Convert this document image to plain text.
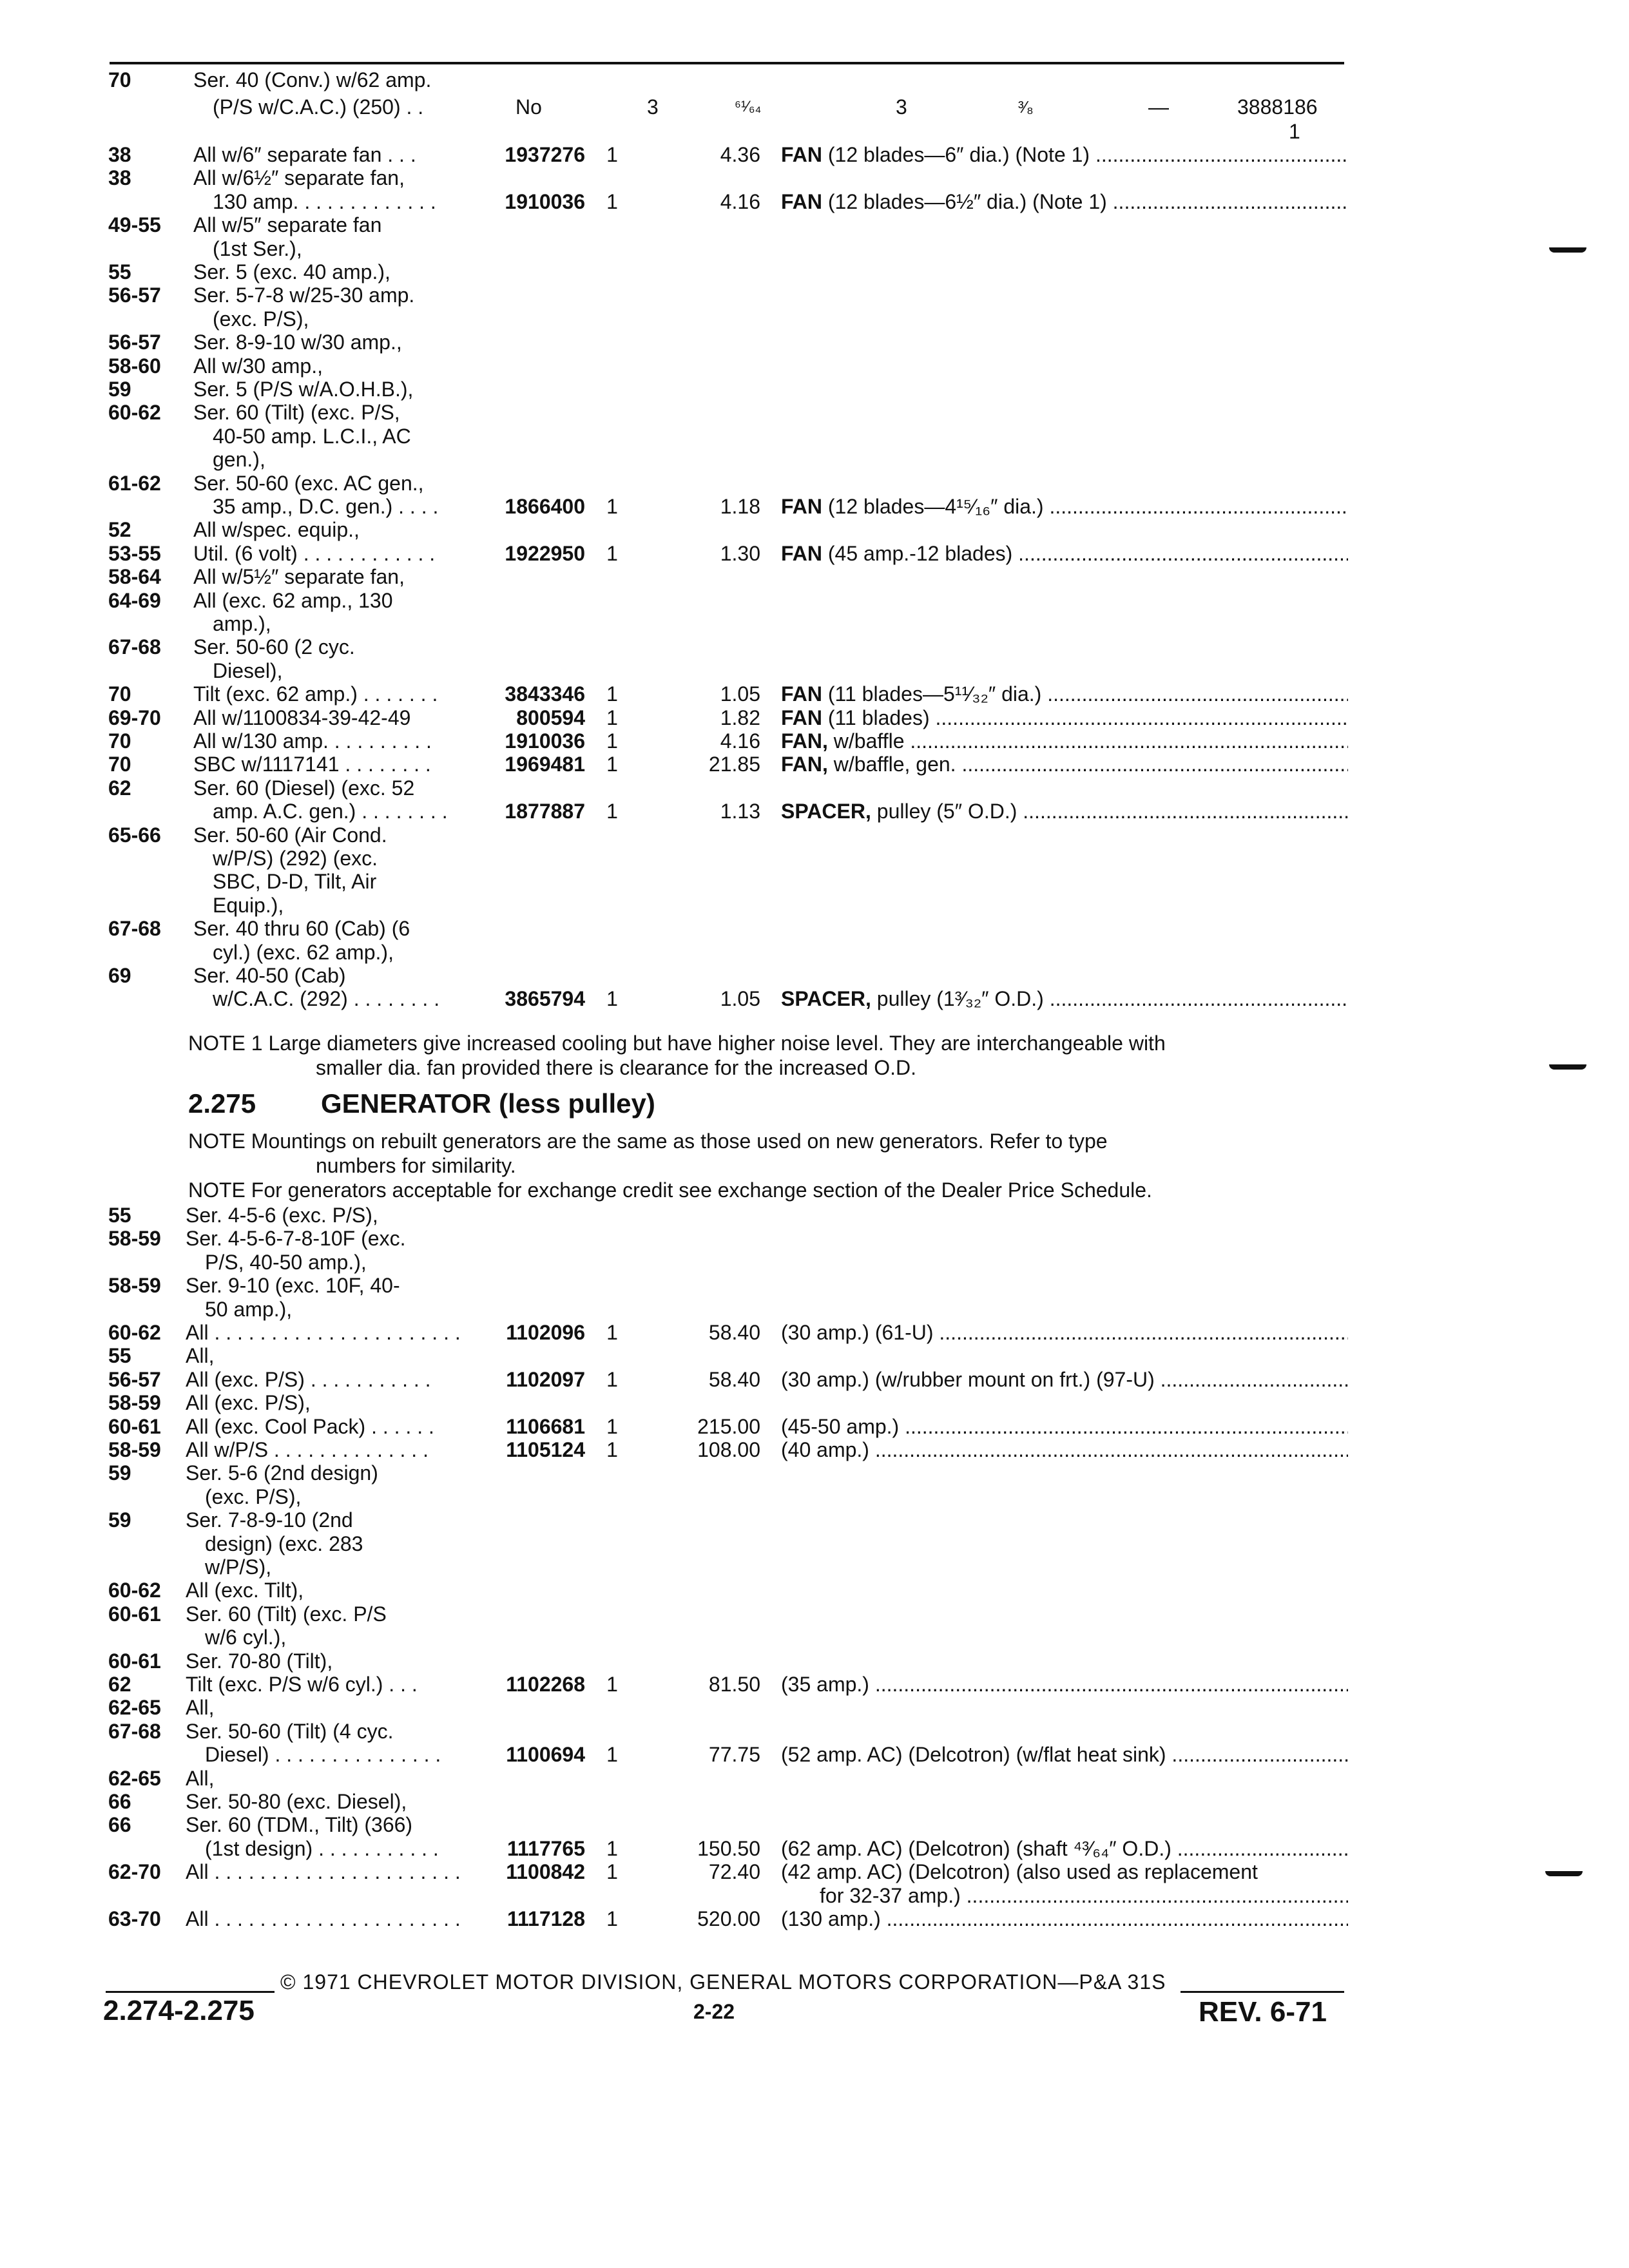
70	Ser. 40 (Conv.) w/62 amp.
(P/S w/C.A.C.) (250) . .	No	3	⁶¹⁄₆₄	3	³⁄₈	—	3888186
1
38	All w/6″ separate fan . . .	1937276	1	4.36 FAN (12 blades—6″ dia.) (Note 1) .....
38	All w/6½″ separate fan,
130 amp. . . . . . . . . . . . .	1910036	1	4.16 FAN (12 blades—6½″ dia.) (Note 1) .....
49-55 All w/5″ separate fan
(1st Ser.),
55	Ser. 5 (exc. 40 amp.),
56-57 Ser. 5-7-8 w/25-30 amp.
(exc. P/S),
56-57 Ser. 8-9-10 w/30 amp.,
58-60 All w/30 amp.,
59	Ser. 5 (P/S w/A.O.H.B.),
60-62 Ser. 60 (Tilt) (exc. P/S,
40-50 amp. L.C.I., AC
gen.),
61-62 Ser. 50-60 (exc. AC gen.,
35 amp., D.C. gen.) . . . .	1866400	1	1.18 FAN (12 blades—4¹⁵⁄₁₆″ dia.) .....
52	All w/spec. equip.,
53-55 Util. (6 volt) . . . . . . . . . . . .	1922950	1	1.30 FAN (45 amp.-12 blades) .....
58-64 All w/5½″ separate fan,
64-69 All (exc. 62 amp., 130
amp.),
67-68 Ser. 50-60 (2 cyc.
Diesel),
70	Tilt (exc. 62 amp.) . . . . . . .	3843346	1	1.05 FAN (11 blades—5¹¹⁄₃₂″ dia.) .....
69-70 All w/1100834-39-42-49	800594	1	1.82 FAN (11 blades) .....
70	All w/130 amp. . . . . . . . . .	1910036	1	4.16 FAN, w/baffle .....
70	SBC w/1117141 . . . . . . . .	1969481	1	21.85 FAN, w/baffle, gen. .....
62	Ser. 60 (Diesel) (exc. 52
amp. A.C. gen.) . . . . . . . .	1877887	1	1.13 SPACER, pulley (5″ O.D.) .....
65-66 Ser. 50-60 (Air Cond.
w/P/S) (292) (exc.
SBC, D-D, Tilt, Air
Equip.),
67-68 Ser. 40 thru 60 (Cab) (6
cyl.) (exc. 62 amp.),
69	Ser. 40-50 (Cab)
w/C.A.C. (292) . . . . . . . .	3865794	1	1.05 SPACER, pulley (1³⁄₃₂″ O.D.) .....
NOTE 1 Large diameters give increased cooling but have higher noise level. They are interchangeable with
smaller dia. fan provided there is clearance for the increased O.D.
2.275 GENERATOR (less pulley)
NOTE Mountings on rebuilt generators are the same as those used on new generators. Refer to type
numbers for similarity.
NOTE For generators acceptable for exchange credit see exchange section of the Dealer Price Schedule.
55	Ser. 4-5-6 (exc. P/S),
58-59 Ser. 4-5-6-7-8-10F (exc.
P/S, 40-50 amp.),
58-59 Ser. 9-10 (exc. 10F, 40-
50 amp.),
60-62 All . . . . . . . . . . . . . . . . . . . . . .	1102096	1	58.40 (30 amp.) (61-U) .....
55	All,
56-57 All (exc. P/S) . . . . . . . . . . .	1102097	1	58.40 (30 amp.) (w/rubber mount on frt.) (97-U) .....
58-59 All (exc. P/S),
60-61 All (exc. Cool Pack) . . . . . .	1106681	1	215.00 (45-50 amp.) .....
58-59 All w/P/S . . . . . . . . . . . . . .	1105124	1	108.00 (40 amp.) .....
59	Ser. 5-6 (2nd design)
(exc. P/S),
59	Ser. 7-8-9-10 (2nd
design) (exc. 283
w/P/S),
60-62 All (exc. Tilt),
60-61 Ser. 60 (Tilt) (exc. P/S
w/6 cyl.),
60-61 Ser. 70-80 (Tilt),
62	Tilt (exc. P/S w/6 cyl.) . . .	1102268	1	81.50 (35 amp.) .....
62-65 All,
67-68 Ser. 50-60 (Tilt) (4 cyc.
Diesel) . . . . . . . . . . . . . . .	1100694	1	77.75 (52 amp. AC) (Delcotron) (w/flat heat sink) .....
62-65 All,
66	Ser. 50-80 (exc. Diesel),
66	Ser. 60 (TDM., Tilt) (366)
(1st design) . . . . . . . . . . .	1117765	1	150.50 (62 amp. AC) (Delcotron) (shaft ⁴³⁄₆₄″ O.D.) .....
62-70 All . . . . . . . . . . . . . . . . . . . . . .	1100842	1	72.40 (42 amp. AC) (Delcotron) (also used as replacement
for 32-37 amp.) .....
63-70 All . . . . . . . . . . . . . . . . . . . . . .	1117128	1	520.00 (130 amp.) .....
© 1971 CHEVROLET MOTOR DIVISION, GENERAL MOTORS CORPORATION—P&A 31S
2.274-2.275	2-22	REV. 6-71
